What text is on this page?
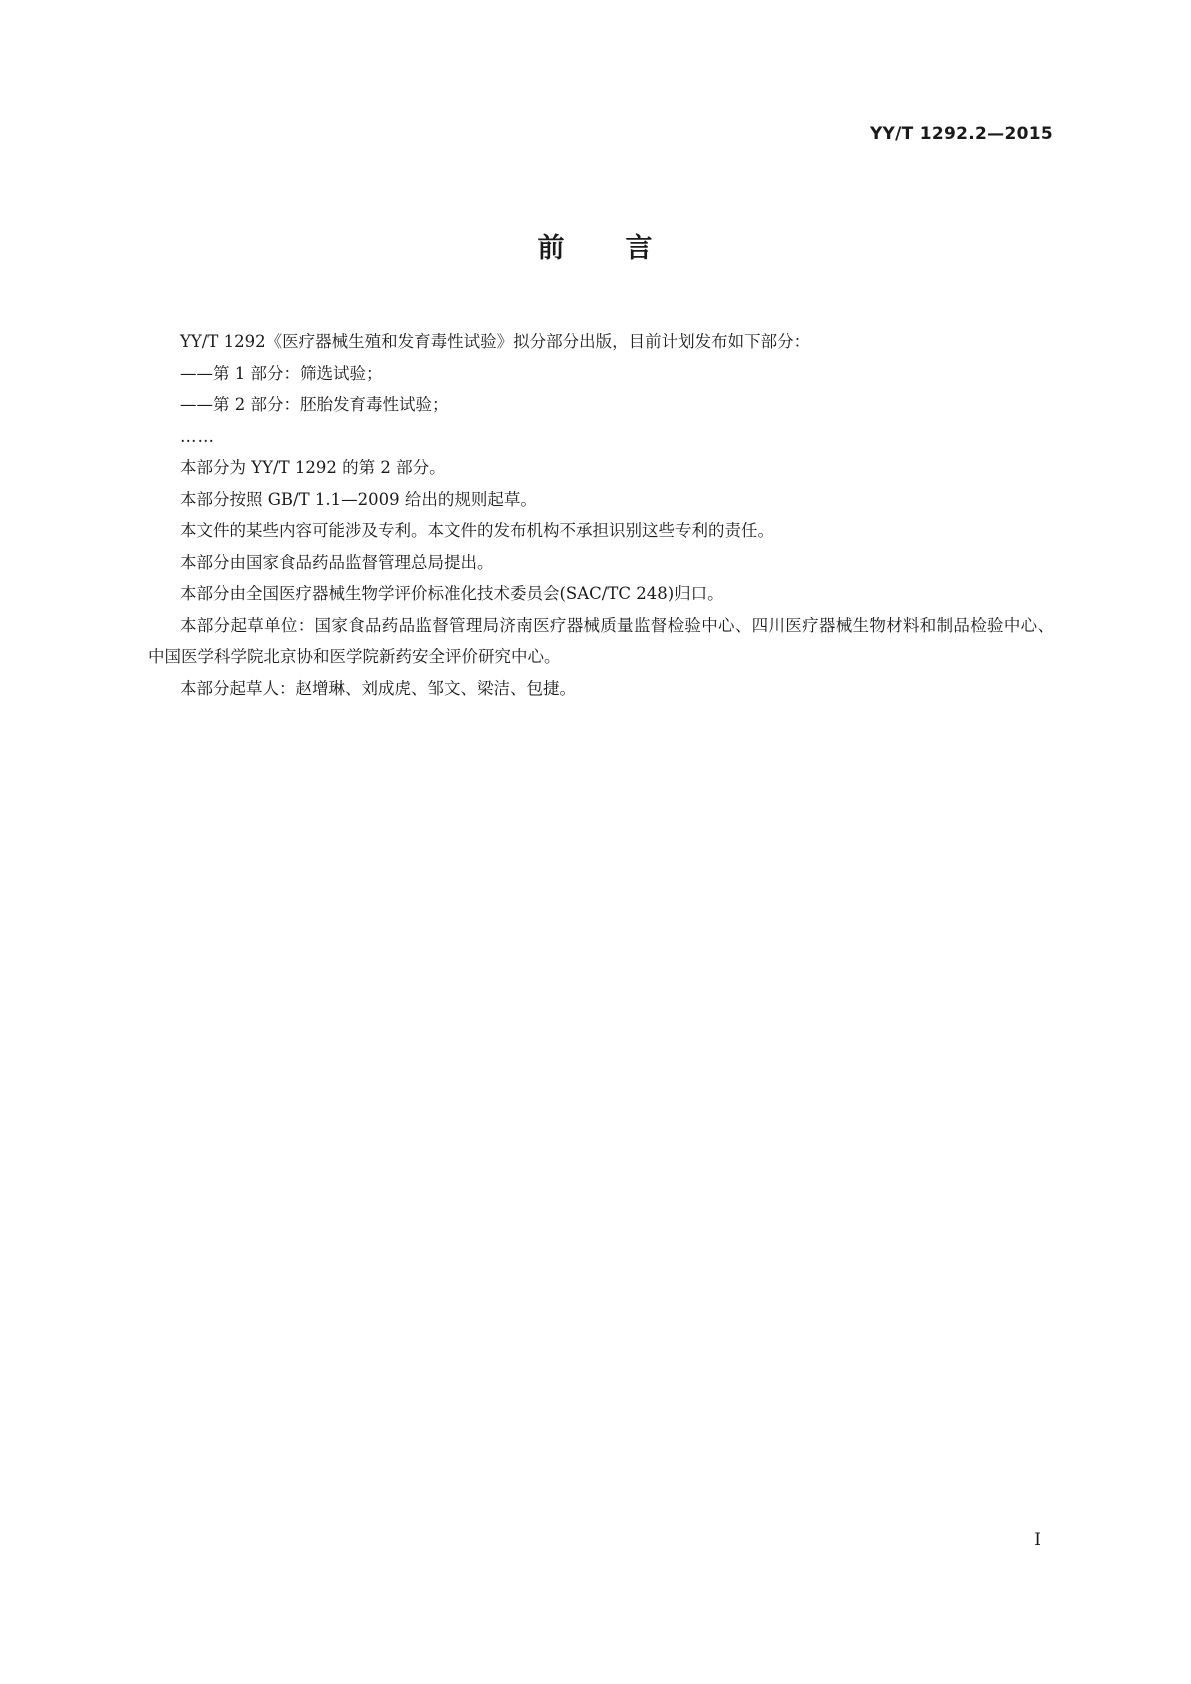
YY/T 1292.2—2015
前 言

YY/T 1292《医疗器械生殖和发育毒性试验》拟分部分出版，目前计划发布如下部分：

——第 1 部分：筛选试验；

——第 2 部分：胚胎发育毒性试验；

……

本部分为 YY/T 1292 的第 2 部分。

本部分按照 GB/T 1.1—2009 给出的规则起草。

本文件的某些内容可能涉及专利。本文件的发布机构不承担识别这些专利的责任。

本部分由国家食品药品监督管理总局提出。

本部分由全国医疗器械生物学评价标准化技术委员会(SAC/TC 248)归口。

本部分起草单位：国家食品药品监督管理局济南医疗器械质量监督检验中心、四川医疗器械生物材料和制品检验中心、中国医学科学院北京协和医学院新药安全评价研究中心。

本部分起草人：赵增琳、刘成虎、邹文、梁洁、包捷。

I
